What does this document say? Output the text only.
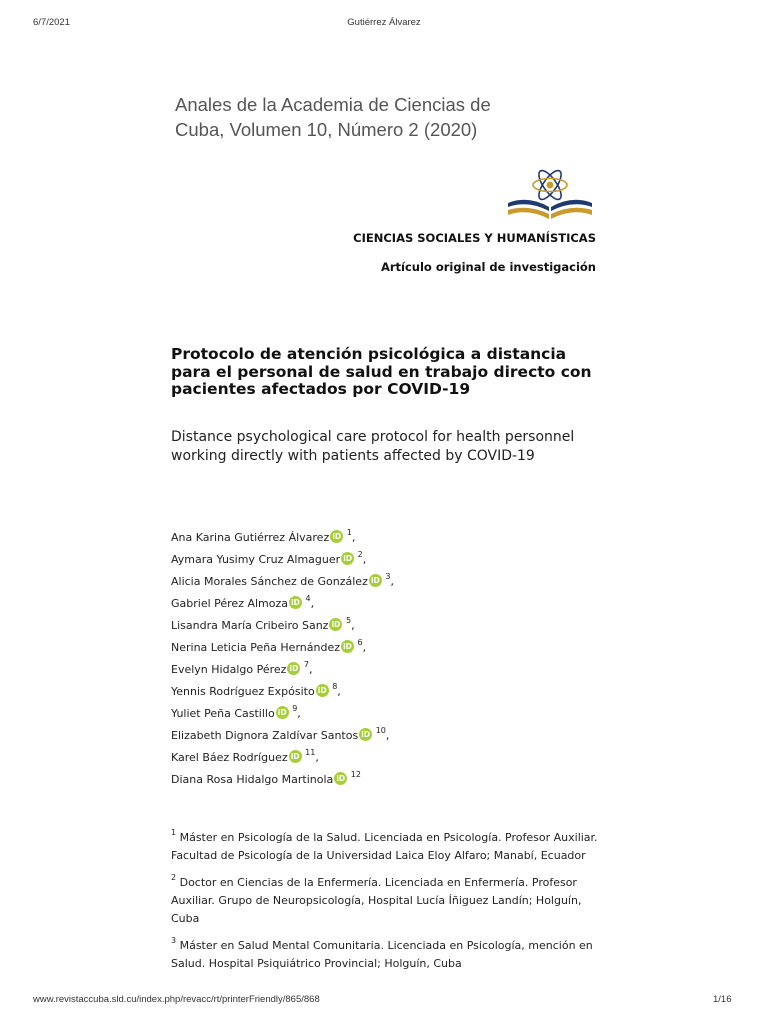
6/7/2021	Gutiérrez Álvarez
Anales de la Academia de Ciencias de Cuba, Volumen 10, Número 2 (2020)
CIENCIAS SOCIALES Y HUMANÍSTICAS
Artículo original de investigación
Protocolo de atención psicológica a distancia para el personal de salud en trabajo directo con pacientes afectados por COVID-19
Distance psychological care protocol for health personnel working directly with patients affected by COVID-19
Ana Karina Gutiérrez Álvarez iD $^1$,
Aymara Yusimy Cruz Almaguer iD $^2$,
Alicia Morales Sánchez de González iD $^3$,
Gabriel Pérez Almoza iD $^4$,
Lisandra María Cribeiro Sanz iD $^5$,
Nerina Leticia Peña Hernández iD $^6$,
Evelyn Hidalgo Pérez iD $^7$,
Yennis Rodríguez Expósito iD $^8$,
Yuliet Peña Castillo iD $^9$,
Elizabeth Dignora Zaldívar Santos iD $^{10}$,
Karel Báez Rodríguez iD $^{11}$,
Diana Rosa Hidalgo Martinola iD $^{12}$

$^1$ Máster en Psicología de la Salud. Licenciada en Psicología. Profesor Auxiliar. Facultad de Psicología de la Universidad Laica Eloy Alfaro; Manabí, Ecuador

$^2$ Doctor en Ciencias de la Enfermería. Licenciada en Enfermería. Profesor Auxiliar. Grupo de Neuropsicología, Hospital Lucía Íñiguez Landín; Holguín, Cuba

$^3$ Máster en Salud Mental Comunitaria. Licenciada en Psicología, mención en Salud. Hospital Psiquiátrico Provincial; Holguín, Cuba

www.revistaccuba.sld.cu/index.php/revacc/rt/printerFriendly/865/868	1/16
